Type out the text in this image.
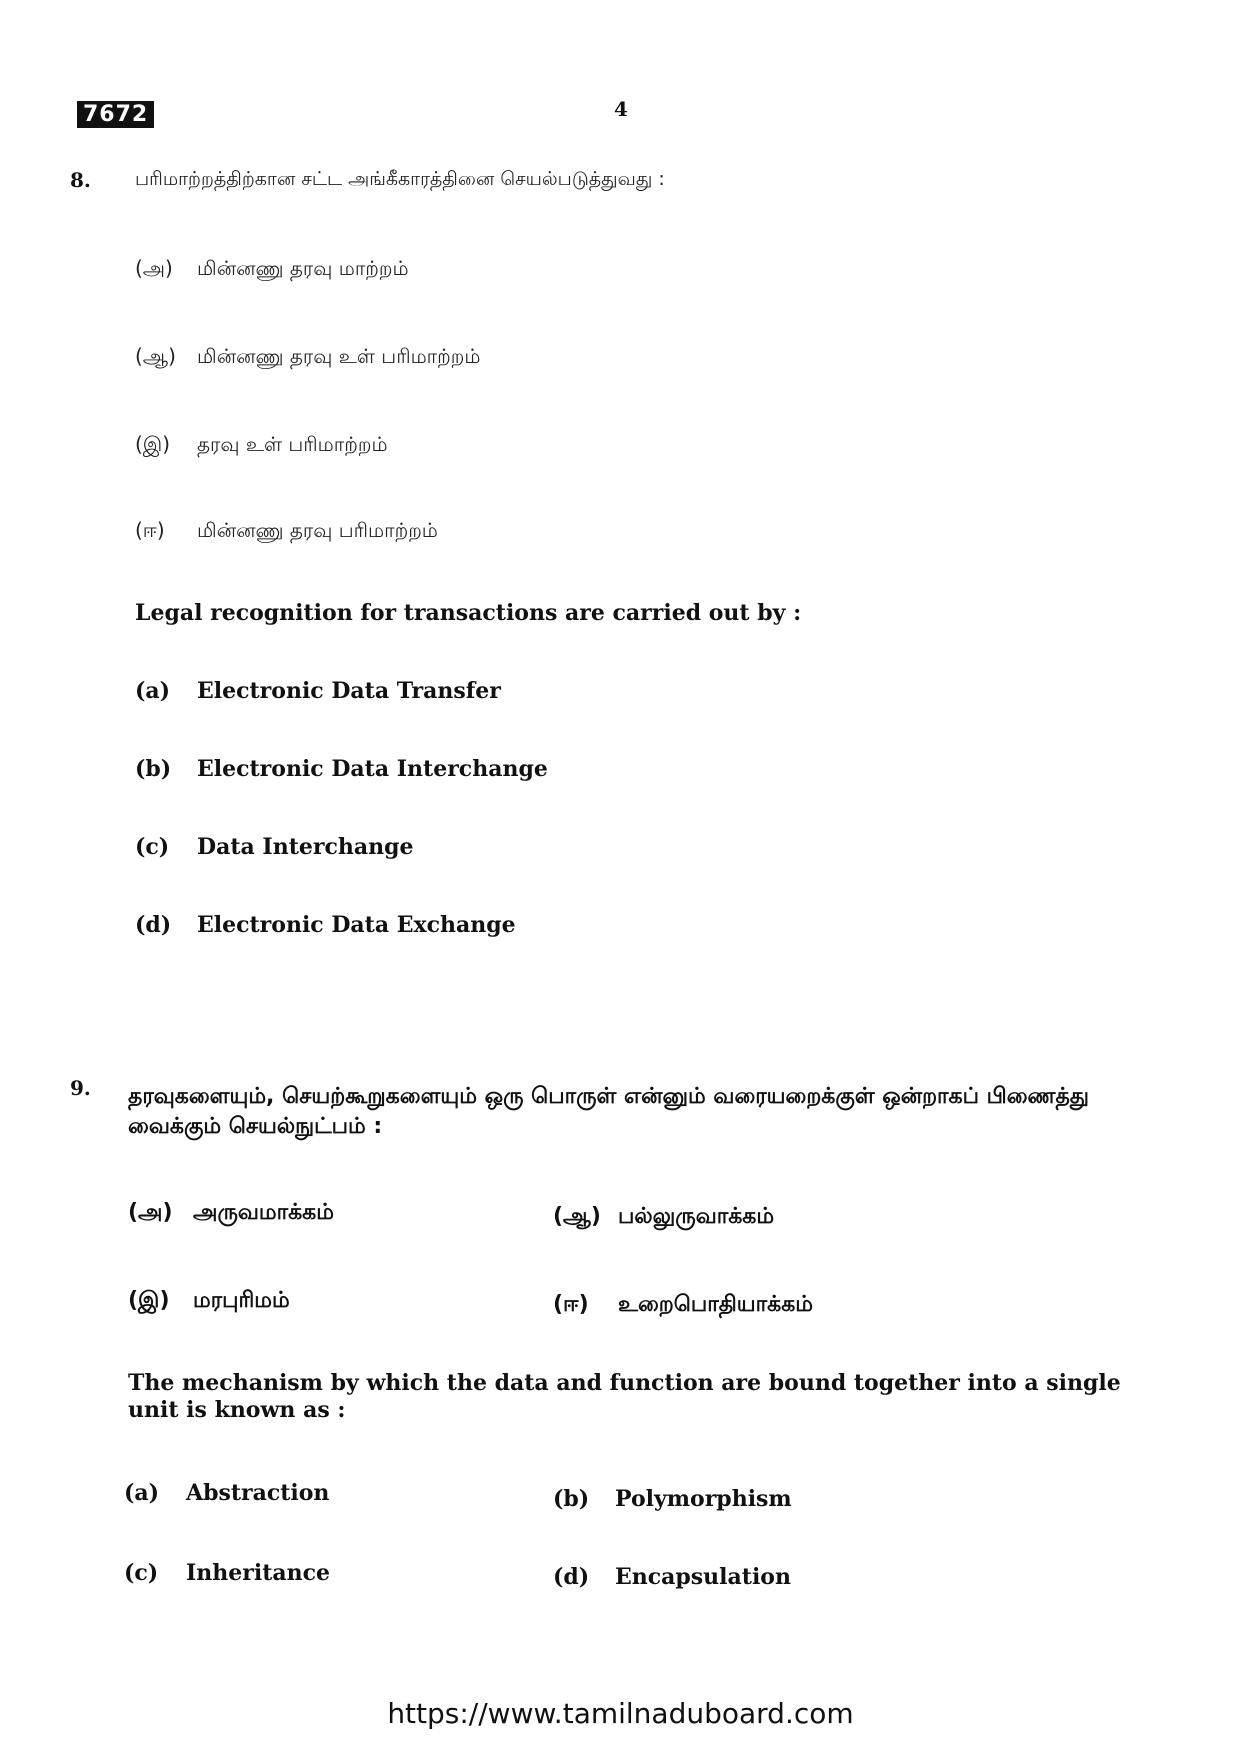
7672	4
8. பரிமாற்றத்திற்கான சட்ட அங்கீகாரத்தினை செயல்படுத்துவது :
(அ) மின்னணு தரவு மாற்றம்
(ஆ) மின்னணு தரவு உள் பரிமாற்றம்
(இ) தரவு உள் பரிமாற்றம்
(ஈ) மின்னணு தரவு பரிமாற்றம்
Legal recognition for transactions are carried out by :
(a) Electronic Data Transfer
(b) Electronic Data Interchange
(c) Data Interchange
(d) Electronic Data Exchange
9. தரவுகளையும், செயற்கூறுகளையும் ஒரு பொருள் என்னும் வரையறைக்குள் ஒன்றாகப் பிணைத்து வைக்கும் செயல்நுட்பம் :
(அ) அருவமாக்கம்	(ஆ) பல்லுருவாக்கம்
(இ) மரபுரிமம்	(ஈ) உறைபொதியாக்கம்
The mechanism by which the data and function are bound together into a single unit is known as :
(a) Abstraction	(b) Polymorphism
(c) Inheritance	(d) Encapsulation
https://www.tamilnaduboard.com
